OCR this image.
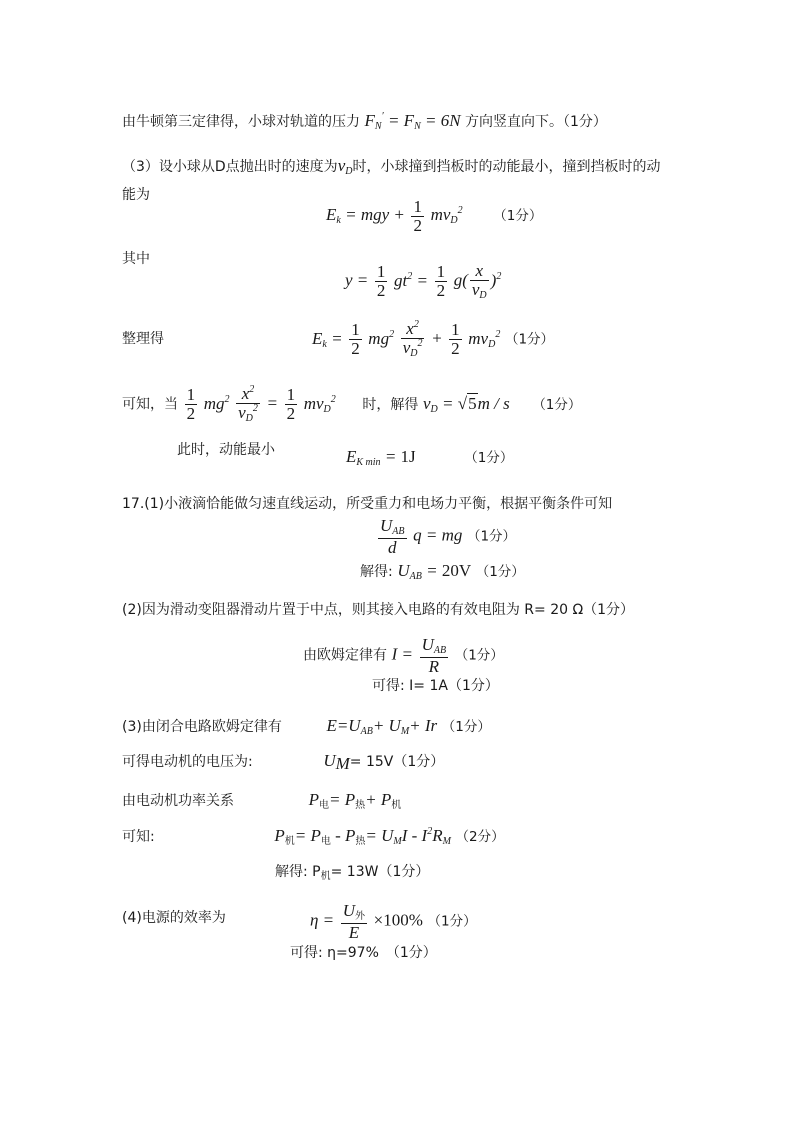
由牛顿第三定律得，小球对轨道的压力 $F_N' = F_N = 6N$ 方向竖直向下。（1分）
（3）设小球从D点抛出时的速度为$v_D$时，小球撞到挡板时的动能最小，撞到挡板时的动
能为
$E_k$ = mgy + $\frac{1}{2} mv_D^2$ （1分）
其中
$y = \frac{1}{2} gt^2 = \frac{1}{2} g( \frac{x}{v_D} )^2$
整理得	$E_k = \frac{1}{2} mg^2 \frac{x^2}{v_D^2} + \frac{1}{2} mv_D^2$ （1分）
可知，当 $\frac{1}{2} mg^2 \frac{x^2}{v_D^2} = \frac{1}{2} mv_D^2$ 时，解得 $v_D = √5m / s$ （1分）
此时，动能最小	$E_{K min} = 1J$	（1分）
17.(1)小液滴恰能做匀速直线运动，所受重力和电场力平衡，根据平衡条件可知
$\frac{U_{AB}}{d}$ q = mg （1分）
解得: $U_{AB} = 20V$ （1分）
(2)因为滑动变阻器滑动片置于中点，则其接入电路的有效电阻为 R= 20 Ω（1分）
由欧姆定律有 $I = \frac{U_{AB}}{R} (1$分）
可得: I= 1A（1分）
(3)由闭合电路欧姆定律有	$E=U_{AB}+ U_M+ Ir$ （1分）
可得电动机的电压为:	$U_M= 15V(1$分）
由电动机功率关系	$P_电= P_热+ P_机$
可知:	$P_机= P_电 - P_热= U_MI - I^2R_M$ （2分）
解得: $P_机= 13W(1$分）
(4)电源的效率为	$\eta = \frac{U_外}{E} \times 100\%$ （1分）
可得: η=97%　（1分）
